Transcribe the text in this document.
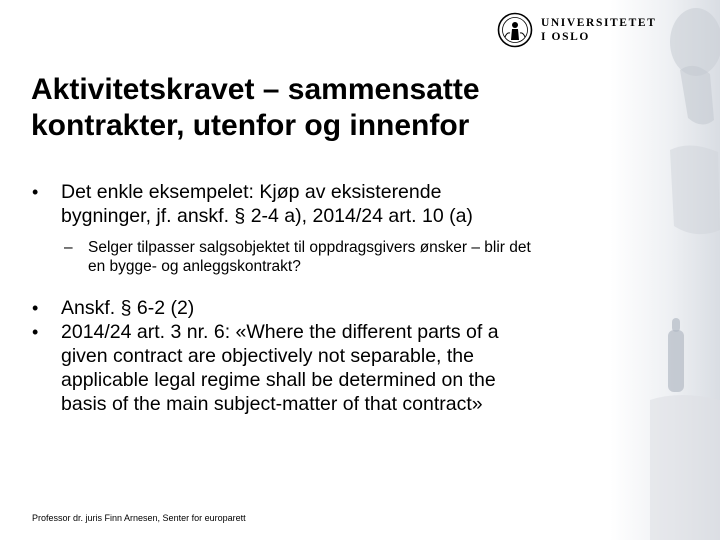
UNIVERSITETET
I OSLO
Aktivitetskravet – sammensatte
kontrakter, utenfor og innenfor
• Det enkle eksempelet: Kjøp av eksisterende
bygninger, jf. anskf. § 2-4 a), 2014/24 art. 10 (a)
– Selger tilpasser salgsobjektet til oppdragsgivers ønsker – blir det
en bygge- og anleggskontrakt?
• Anskf. § 6-2 (2)
• 2014/24 art. 3 nr. 6: «Where the different parts of a
given contract are objectively not separable, the
applicable legal regime shall be determined on the
basis of the main subject-matter of that contract»
Professor dr. juris Finn Arnesen, Senter for europarett
